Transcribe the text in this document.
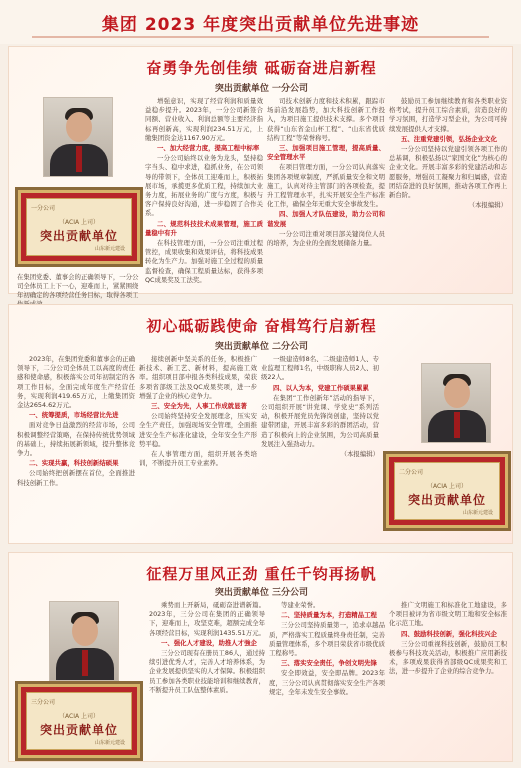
集团 2023 年度突出贡献单位先进事迹
奋勇争先创佳绩 砥砺奋进启新程
突出贡献单位 一分公司
一分公司
（ACIA 上司）
突出贡献单位
山东新元建设
在集团党委、董事会的正确领导下，一分公司全体员工上下一心，迎难而上，紧紧围绕年初确定的各项经营任务目标，取得各项工

增强意识，实现了经营利润和质量效益稳步提升。2023年，一分公司新签合同额、营业收入、利润总额等主要经济指标再创新高，实现利润234.51万元，上缴集团资金达1167.90万元。

一、加大经营力度，提高工程中标率

一分公司始终以业务为龙头，坚持稳字当头、稳中求进，稳抓业务，在公司领导的带领下，全体员工迎难而上，积极拓展市场，承揽更多优质工程，持续加大业务力度，拓展业务的广度与方度，积极与客户保持良好沟通，进一步稳固了合作关系。

二、规范科技技术成果管理，施工质量稳中有升

在科技管理方面，一分公司注重过程管控，成果收集和效果评估，将科技成果转化为生产力。加强对施工全过程的质量监督检查，确保工程质量达标，获得多项QC成果奖及工法奖。

司技术创新力度和技术积累，跟踪市场前沿发展趋势，加大科技创新工作投入，为项目施工提供技术支撑。多个项目获得“山东省金山杯工程”、“山东省优质结构工程”等荣誉称号。

三、加强项目施工管理，提高质量、安全管理水平

在项目管理方面，一分公司认真落实集团各项规章制度，严抓质量安全和文明施工，认真对待主管部门的各项检查，提升工程管理水平，扎实开展安全生产标准化工作，确保全年无重大安全事故发生。

四、加强人才队伍建设，助力公司和谐发展

一分公司注重对项目部关键岗位人员的培养，为企业的全面发展储备力量。

鼓励员工参加继续教育和各类职业资格考试，提升员工综合素质，营造良好的学习氛围，打造学习型企业，为公司可持续发展提供人才支撑。

五、注重党建引领，弘扬企业文化

一分公司坚持以党建引领各项工作的总基调，积极弘扬以“家国文化”为核心的企业文化。开展丰富多彩的党建活动和志愿服务，增强员工凝聚力和归属感，营造团结奋进的良好氛围，推动各项工作再上新台阶。

（本报编辑）

初心砥砺践使命 奋楫笃行启新程
突出贡献单位 二分公司

2023年，在集团党委和董事会的正确领导下，二分公司全体员工以高度的责任感和使命感，积极落实公司年初制定的各项工作目标，全面完成年度生产经营任务，实现利润419.65万元，上缴集团资金达2654.62万元。

一、统筹提质，市场经营比先进

面对竞争日益激烈的经营市场，公司积极调整经营策略，在保持传统优势领域的基础上，持续拓展新领域，提升整体竞争力。

二、实现共赢，科技创新结硕果

公司始终把创新摆在首位，全面推进科技创新工作。

接续创新中坚关系的任务，积极推广新技术、新工艺、新材料，提高施工效率。组织项目部申报各类科技成果，荣获多项省部级工法及QC成果奖项，进一步增强了企业的核心竞争力。

三、安全为先，人事工作成就显著

公司始终坚持安全发展理念，压实安全生产责任，加强现场安全管理，全面推进安全生产标准化建设，全年安全生产形势平稳。

在人事管理方面，组织开展各类培训，不断提升员工专业素养。

一级建造师8名、二级建造师1人、专业监理工程师1名，中级职称人员2人、初级22人。

四、以人为本，党建工作硕果累累

在集团“工作创新年”活动的指导下，公司组织开展“讲党课、学党史”系列活动，积极开展党员先锋岗创建，坚持以党建带团建，开展丰富多彩的群团活动，营造了积极向上的企业氛围，为公司高质量发展注入强劲动力。

（本报编辑）

二分公司
（ACIA 上司）
突出贡献单位
山东新元建设
征程万里风正劲 重任千钧再扬帆
突出贡献单位 三分公司
三分公司
（ACIA 上司）
突出贡献单位
山东新元建设

乘势而上开新局，砥砺奋进谱新篇。2023年，三分公司在集团的正确领导下，迎难而上，攻坚克难，超额完成全年各项经营目标，实现利润1435.51万元。

一、强化人才建设，助推人才強企

三分公司现有在册员工86人，通过持续引进优秀人才，完善人才培养体系，为企业发展提供坚实的人才保障。积极组织员工参加各类职业技能培训和继续教育，不断提升员工队伍整体素质。

等建业荣誉。

二、坚持质量为本，打造精品工程

三分公司坚持质量第一，追求卓越品质，严格落实工程质量终身责任制，完善质量管理体系，多个项目荣获省市级优质工程称号。

三、落实安全责任，争创文明先锋

安全即效益，安全即品牌。2023年度，三分公司认真贯彻落实安全生产各项规定，全年未发生安全事故。

推广文明施工和标准化工地建设，多个项目被评为省市级文明工地和安全标准化示范工地。

四、鼓励科技创新，强化科技兴企

三分公司重视科技创新，鼓励员工积极参与科技攻关活动，积极推广应用新技术，多项成果获得省部级QC成果奖和工法，进一步提升了企业的综合竞争力。
